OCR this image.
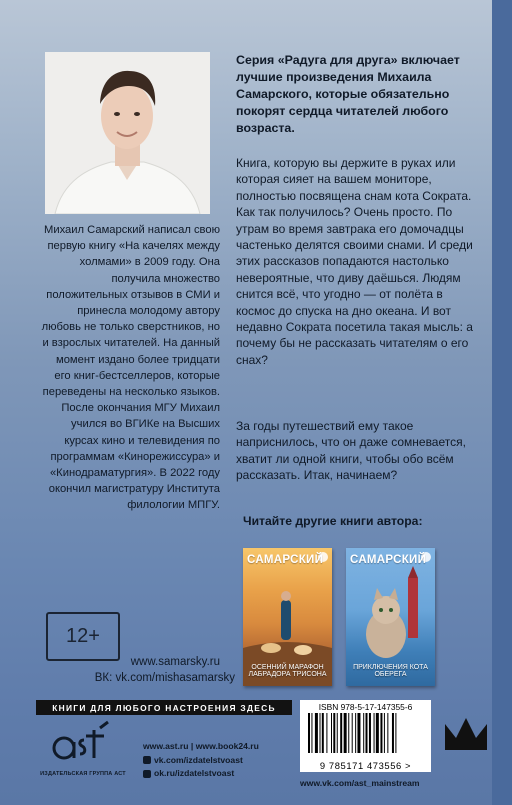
Михаил Самарский написал свою первую книгу «На качелях между холмами» в 2009 году. Она получила множество положительных отзывов в СМИ и принесла молодому автору любовь не только сверстников, но и взрослых читателей. На данный момент издано более тридцати его книг-бестселлеров, которые переведены на несколько языков. После окончания МГУ Михаил учился во ВГИКе на Высших курсах кино и телевидения по программам «Кинорежиссура» и «Кинодраматургия». В 2022 году окончил магистратуру Института филологии МПГУ.
Серия «Радуга для друга» включает лучшие произведения Михаила Самарского, которые обязательно покорят сердца читателей любого возраста.
Книга, которую вы держите в руках или которая сияет на вашем мониторе, полностью посвящена снам кота Сократа. Как так получилось? Очень просто. По утрам во время завтрака его домочадцы частенько делятся своими снами. И среди этих рассказов попадаются настолько невероятные, что диву даёшься. Людям снится всё, что угодно — от полёта в космос до спуска на дно океана. И вот недавно Сократа посетила такая мысль: а почему бы не рассказать читателям о его снах?
За годы путешествий ему такое наприснилось, что он даже сомневается, хватит ли одной книги, чтобы обо всём рассказать. Итак, начинаем?
Читайте другие книги автора:
САМАРСКИЙ
ОСЕННИЙ МАРАФОН ЛАБРАДОРА ТРИСОНА
САМАРСКИЙ
ПРИКЛЮЧЕНИЯ КОТА ОБЕРЕГА
12+
www.samarsky.ru
ВК: vk.com/mishasamarsky
КНИГИ ДЛЯ ЛЮБОГО НАСТРОЕНИЯ ЗДЕСЬ
ИЗДАТЕЛЬСКАЯ ГРУППА АСТ
www.ast.ru | www.book24.ru
vk.com/izdatelstvoast
ok.ru/izdatelstvoast
ISBN 978-5-17-147355-6
9 785171 473556 >
www.vk.com/ast_mainstream
